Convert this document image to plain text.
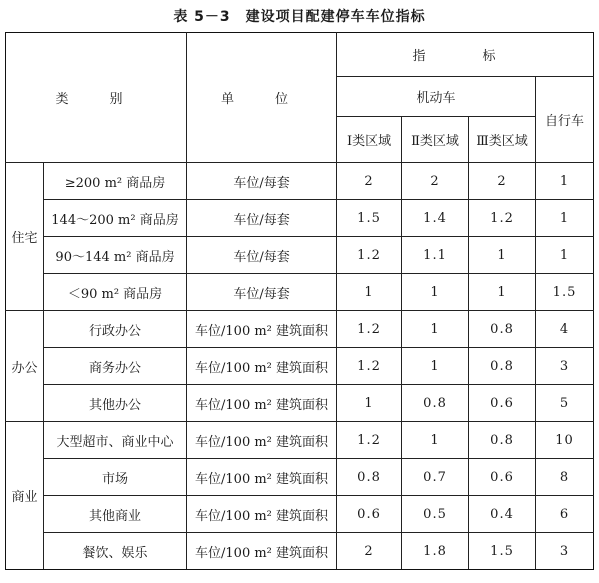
表 5－3　建设项目配建停车车位指标
类　别		单　位	指　标			
			机动车			自行车
			Ⅰ类区域	Ⅱ类区域	Ⅲ类区域	
住宅	≥200 m² 商品房	车位/每套	2	2	2	1
	144～200 m² 商品房	车位/每套	1.5	1.4	1.2	1
	90～144 m² 商品房	车位/每套	1.2	1.1	1	1
	＜90 m² 商品房	车位/每套	1	1	1	1.5
办公	行政办公	车位/100 m² 建筑面积	1.2	1	0.8	4
	商务办公	车位/100 m² 建筑面积	1.2	1	0.8	3
	其他办公	车位/100 m² 建筑面积	1	0.8	0.6	5
商业	大型超市、商业中心	车位/100 m² 建筑面积	1.2	1	0.8	10
	市场	车位/100 m² 建筑面积	0.8	0.7	0.6	8
	其他商业	车位/100 m² 建筑面积	0.6	0.5	0.4	6
	餐饮、娱乐	车位/100 m² 建筑面积	2	1.8	1.5	3
